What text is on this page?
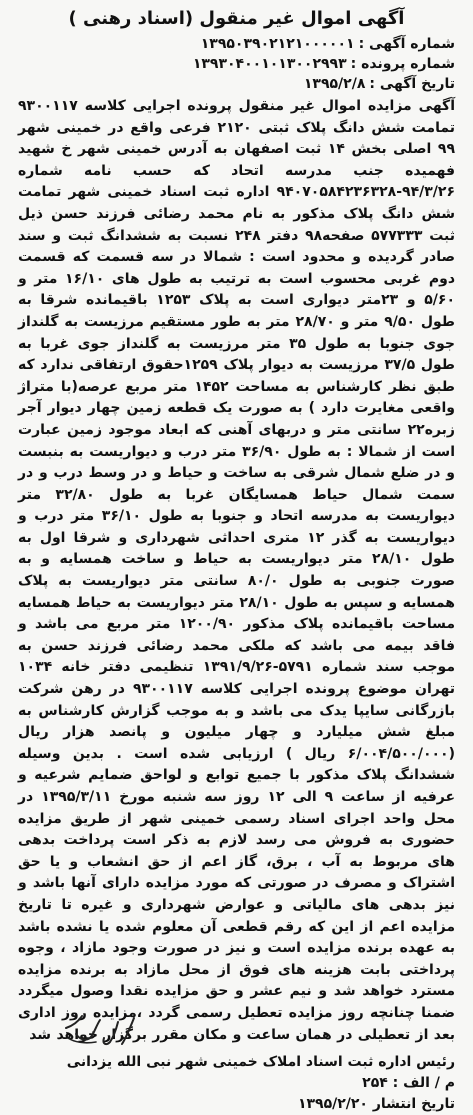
آگهی اموال غیر منقول (اسناد رهنی )
شماره آگهی :۱۳۹۵۰۳۹۰۲۱۲۱۰۰۰۰۰۱
شماره پرونده :۱۳۹۳۰۴۰۰۱۰۱۳۰۰۲۹۹۳
تاریخ آگهی :۱۳۹۵/۲/۸

آگهی مزایده اموال غیر منقول پرونده اجرایی کلاسه ۹۳۰۰۱۱۷ تمامت شش دانگ پلاک ثبتی ۲۱۲۰ فرعی واقع در خمینی شهر ۹۹ اصلی بخش ۱۴ ثبت اصفهان به آدرس خمینی شهر خ شهید فهمیده جنب مدرسه اتحاد که حسب نامه شماره ۹۴/۳/۲۶-۹۴۰۷۰۵۸۴۲۳۶۳۲۸ اداره ثبت اسناد خمینی شهر تمامت شش دانگ پلاک مذکور به نام محمد رضائی فرزند حسن ذیل ثبت ۵۷۷۳۳۳ صفحه۹۸ دفتر ۲۴۸ نسبت به ششدانگ ثبت و سند صادر گردیده و محدود است : شمالا در سه قسمت که قسمت دوم غربی محسوب است به ترتیب به طول های ۱۶/۱۰ متر و ۵/۶۰ و ۲۳متر دیواری است به پلاک ۱۲۵۳ باقیمانده شرقا به طول ۹/۵۰ متر و ۲۸/۷۰ متر به طور مستقیم مرزیست به گلنداز جوی جنوبا به طول ۳۵ متر مرزیست به گلنداز جوی غربا به طول ۳۷/۵ مرزیست به دیوار پلاک ۱۲۵۹حقوق ارتفاقی ندارد که طبق نظر کارشناس به مساحت ۱۴۵۲ متر مربع عرصه(با متراژ واقعی مغایرت دارد ) به صورت یک قطعه زمین چهار دیوار آجر زبره۲۲ سانتی متر و دربهای آهنی که ابعاد موجود زمین عبارت است از شمالا : به طول ۳۶/۹۰ متر درب و دیواریست به بنبست و در ضلع شمال شرقی به ساخت و حیاط و در وسط درب و در سمت شمال حیاط همسایگان غربا به طول ۳۲/۸۰ متر دیواریست به مدرسه اتحاد و جنوبا به طول ۳۶/۱۰ متر درب و دیواریست به گذر ۱۲ متری احداثی شهرداری و شرقا اول به طول ۲۸/۱۰ متر دیواریست به حیاط و ساخت همسایه و به صورت جنوبی به طول ۸۰/۰ سانتی متر دیواریست به پلاک همسایه و سپس به طول ۲۸/۱۰ متر دیواریست به حیاط همسایه مساحت باقیمانده پلاک مذکور ۱۲۰۰/۹۰ متر مربع می باشد و فاقد بیمه می باشد که ملکی محمد رضائی فرزند حسن به موجب سند شماره ۵۷۹۱-۱۳۹۱/۹/۲۶ تنظیمی دفتر خانه ۱۰۳۴ تهران موضوع پرونده اجرایی کلاسه ۹۳۰۰۱۱۷ در رهن شرکت بازرگانی سایپا یدک می باشد و به موجب گزارش کارشناس به مبلغ شش میلیارد و چهار میلیون و پانصد هزار ریال (۶/۰۰۴/۵۰۰/۰۰۰ ریال ) ارزیابی شده است . بدین وسیله ششدانگ پلاک مذکور با جمیع توابع و لواحق ضمایم شرعیه و عرفیه از ساعت ۹ الی ۱۲ روز سه شنبه مورخ ۱۳۹۵/۳/۱۱ در محل واحد اجرای اسناد رسمی خمینی شهر از طریق مزایده حضوری به فروش می رسد لازم به ذکر است پرداخت بدهی های مربوط به آب ، برق، گاز اعم از حق انشعاب و یا حق اشتراک و مصرف در صورتی که مورد مزایده دارای آنها باشد و نیز بدهی های مالیاتی و عوارض شهرداری و غیره تا تاریخ مزایده اعم از این که رقم قطعی آن معلوم شده یا نشده باشد به عهده برنده مزایده است و نیز در صورت وجود مازاد ، وجوه پرداختی بابت هزینه های فوق از محل مازاد به برنده مزایده مسترد خواهد شد و نیم عشر و حق مزایده نقدا وصول میگردد ضمنا چنانچه روز مزایده تعطیل رسمی گردد ،مزایده روز اداری بعد از تعطیلی در همان ساعت و مکان مقرر برگزار خواهد شد

رئیس اداره ثبت اسناد املاک خمینی شهر نبی الله یزدانی
م / الف : ۲۵۴
تاریخ انتشار ۱۳۹۵/۲/۲۰
